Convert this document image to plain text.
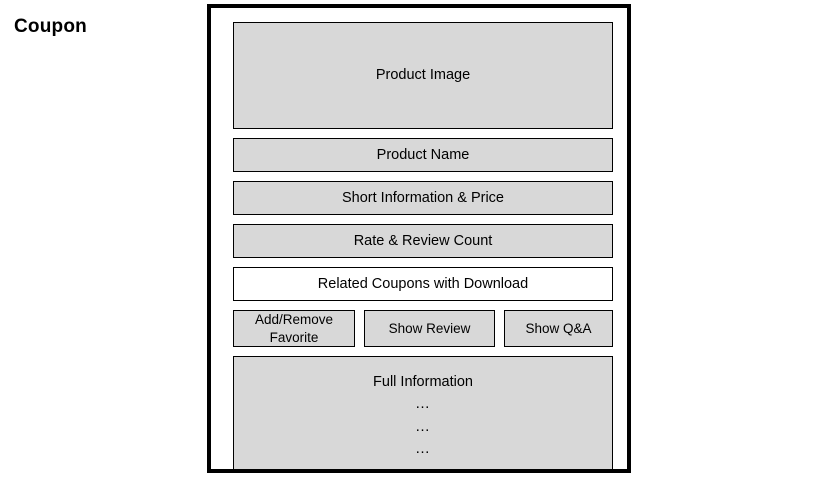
Coupon
Product Image
Product Name
Short Information & Price
Rate & Review Count
Related Coupons with Download
Add/Remove Favorite
Show Review	Show Q&A
Full Information
…
…
…
